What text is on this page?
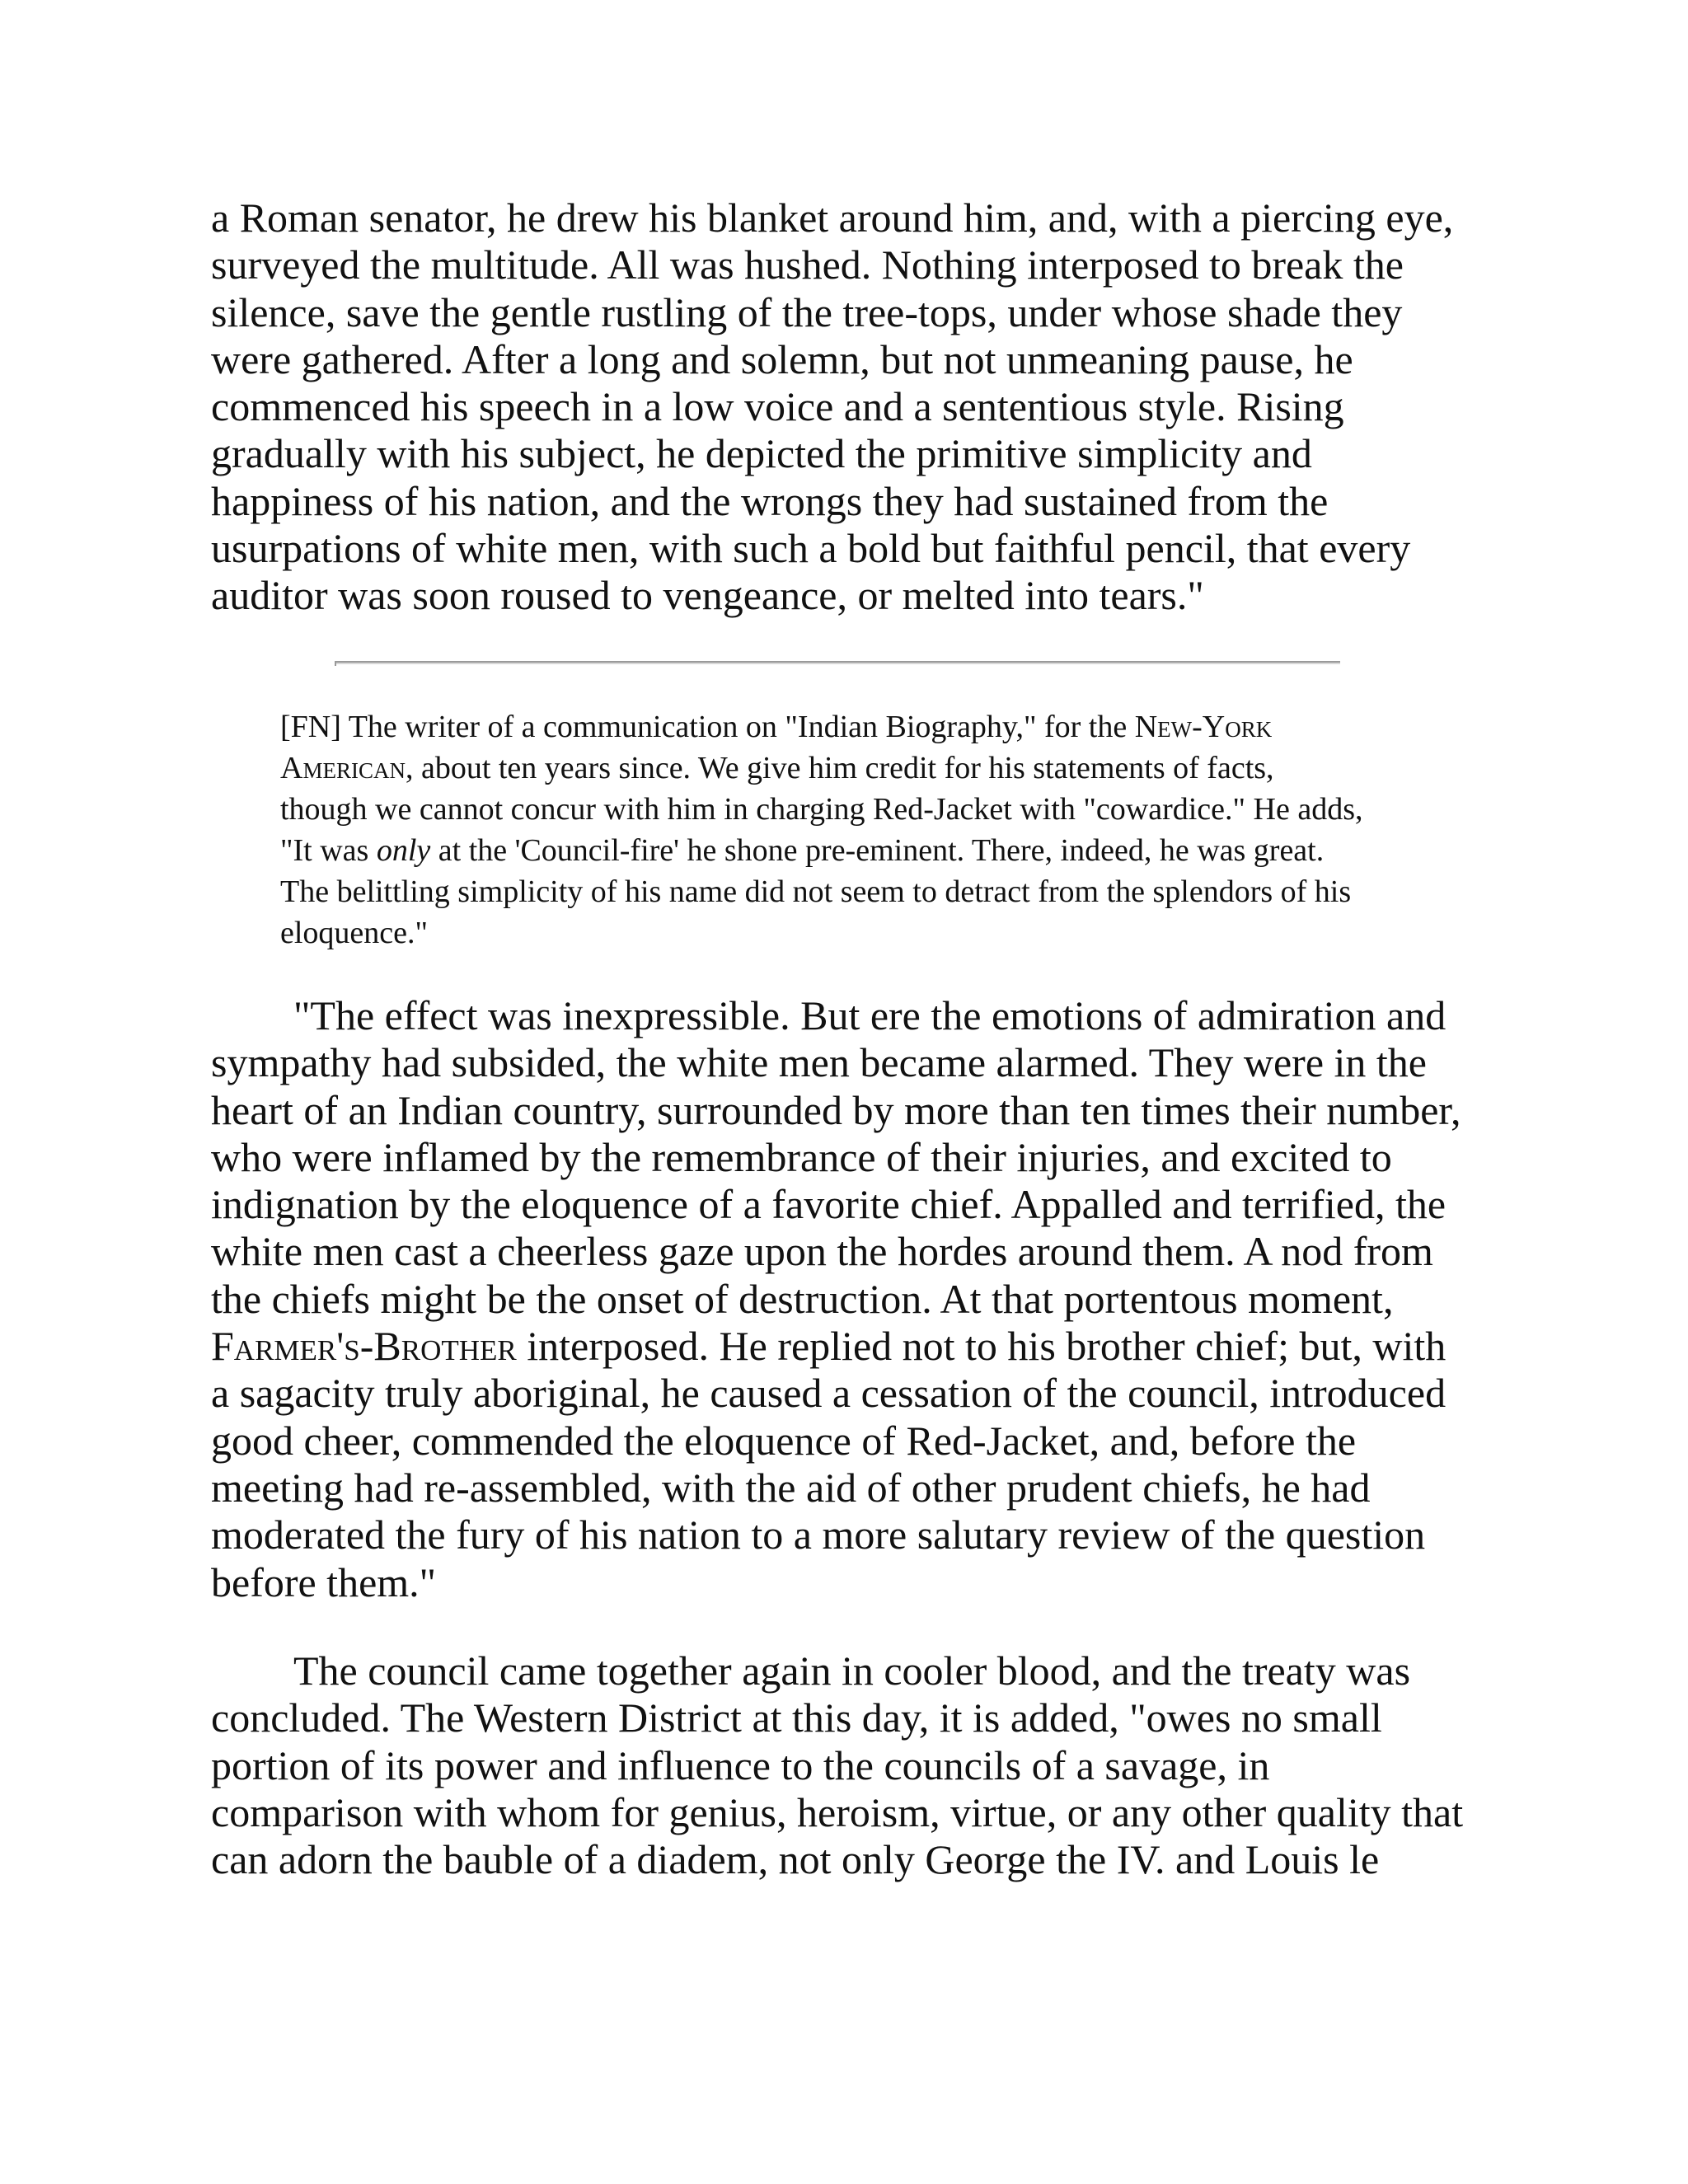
a Roman senator, he drew his blanket around him, and, with a piercing eye,
surveyed the multitude. All was hushed. Nothing interposed to break the
silence, save the gentle rustling of the tree-tops, under whose shade they
were gathered. After a long and solemn, but not unmeaning pause, he
commenced his speech in a low voice and a sententious style. Rising
gradually with his subject, he depicted the primitive simplicity and
happiness of his nation, and the wrongs they had sustained from the
usurpations of white men, with such a bold but faithful pencil, that every
auditor was soon roused to vengeance, or melted into tears."

[FN] The writer of a communication on "Indian Biography," for the New-York
American, about ten years since. We give him credit for his statements of facts,
though we cannot concur with him in charging Red-Jacket with "cowardice." He adds,
"It was only at the 'Council-fire' he shone pre-eminent. There, indeed, he was great.
The belittling simplicity of his name did not seem to detract from the splendors of his
eloquence."

"The effect was inexpressible. But ere the emotions of admiration and
sympathy had subsided, the white men became alarmed. They were in the
heart of an Indian country, surrounded by more than ten times their number,
who were inflamed by the remembrance of their injuries, and excited to
indignation by the eloquence of a favorite chief. Appalled and terrified, the
white men cast a cheerless gaze upon the hordes around them. A nod from
the chiefs might be the onset of destruction. At that portentous moment,
Farmer's-Brother interposed. He replied not to his brother chief; but, with
a sagacity truly aboriginal, he caused a cessation of the council, introduced
good cheer, commended the eloquence of Red-Jacket, and, before the
meeting had re-assembled, with the aid of other prudent chiefs, he had
moderated the fury of his nation to a more salutary review of the question
before them."

The council came together again in cooler blood, and the treaty was
concluded. The Western District at this day, it is added, "owes no small
portion of its power and influence to the councils of a savage, in
comparison with whom for genius, heroism, virtue, or any other quality that
can adorn the bauble of a diadem, not only George the IV. and Louis le
